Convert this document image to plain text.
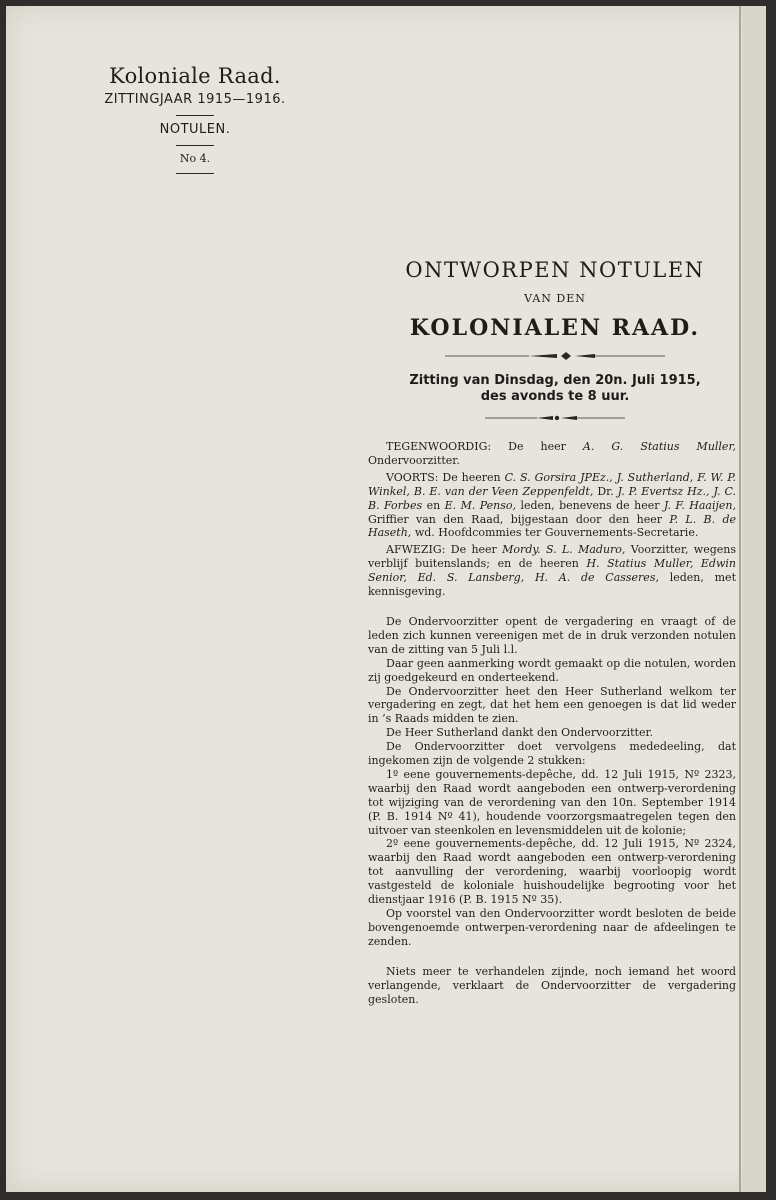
Koloniale Raad.
ZITTINGJAAR 1915—1916.
NOTULEN.
No 4.
ONTWORPEN NOTULEN
VAN DEN
KOLONIALEN RAAD.
Zitting van Dinsdag, den 20n. Juli 1915,
des avonds te 8 uur.

TEGENWOORDIG: De heer A. G. Statius Muller, Ondervoorzitter.

VOORTS: De heeren C. S. Gorsira JPEz., J. Sutherland, F. W. P. Winkel, B. E. van der Veen Zeppenfeldt, Dr. J. P. Evertsz Hz., J. C. B. Forbes en E. M. Penso, leden, benevens de heer J. F. Haaijen, Griffier van den Raad, bijgestaan door den heer P. L. B. de Haseth, wd. Hoofdcommies ter Gouvernements-Secretarie.

AFWEZIG: De heer Mordy. S. L. Maduro, Voorzitter, wegens verblijf buitenslands; en de heeren H. Statius Muller, Edwin Senior, Ed. S. Lansberg, H. A. de Casseres, leden, met kennisgeving.

De Ondervoorzitter opent de vergadering en vraagt of de leden zich kunnen vereenigen met de in druk verzonden notulen van de zitting van 5 Juli l.l.

Daar geen aanmerking wordt gemaakt op die notulen, worden zij goedgekeurd en onderteekend.

De Ondervoorzitter heet den Heer Sutherland welkom ter vergadering en zegt, dat het hem een genoegen is dat lid weder in ’s Raads midden te zien.

De Heer Sutherland dankt den Ondervoorzitter.

De Ondervoorzitter doet vervolgens mededeeling, dat ingekomen zijn de volgende 2 stukken:

1º eene gouvernements-depêche, dd. 12 Juli 1915, Nº 2323, waarbij den Raad wordt aangeboden een ontwerp-verordening tot wijziging van de verordening van den 10n. September 1914 (P. B. 1914 Nº 41), houdende voorzorgsmaatregelen tegen den uitvoer van steenkolen en levensmiddelen uit de kolonie;

2º eene gouvernements-depêche, dd. 12 Juli 1915, Nº 2324, waarbij den Raad wordt aangeboden een ontwerp-verordening tot aanvulling der verordening, waarbij voorloopig wordt vastgesteld de koloniale huishoudelijke begrooting voor het dienstjaar 1916 (P. B. 1915 Nº 35).

Op voorstel van den Ondervoorzitter wordt besloten de beide bovengenoemde ontwerpen-verordening naar de afdeelingen te zenden.

Niets meer te verhandelen zijnde, noch iemand het woord verlangende, verklaart de Ondervoorzitter de vergadering gesloten.
